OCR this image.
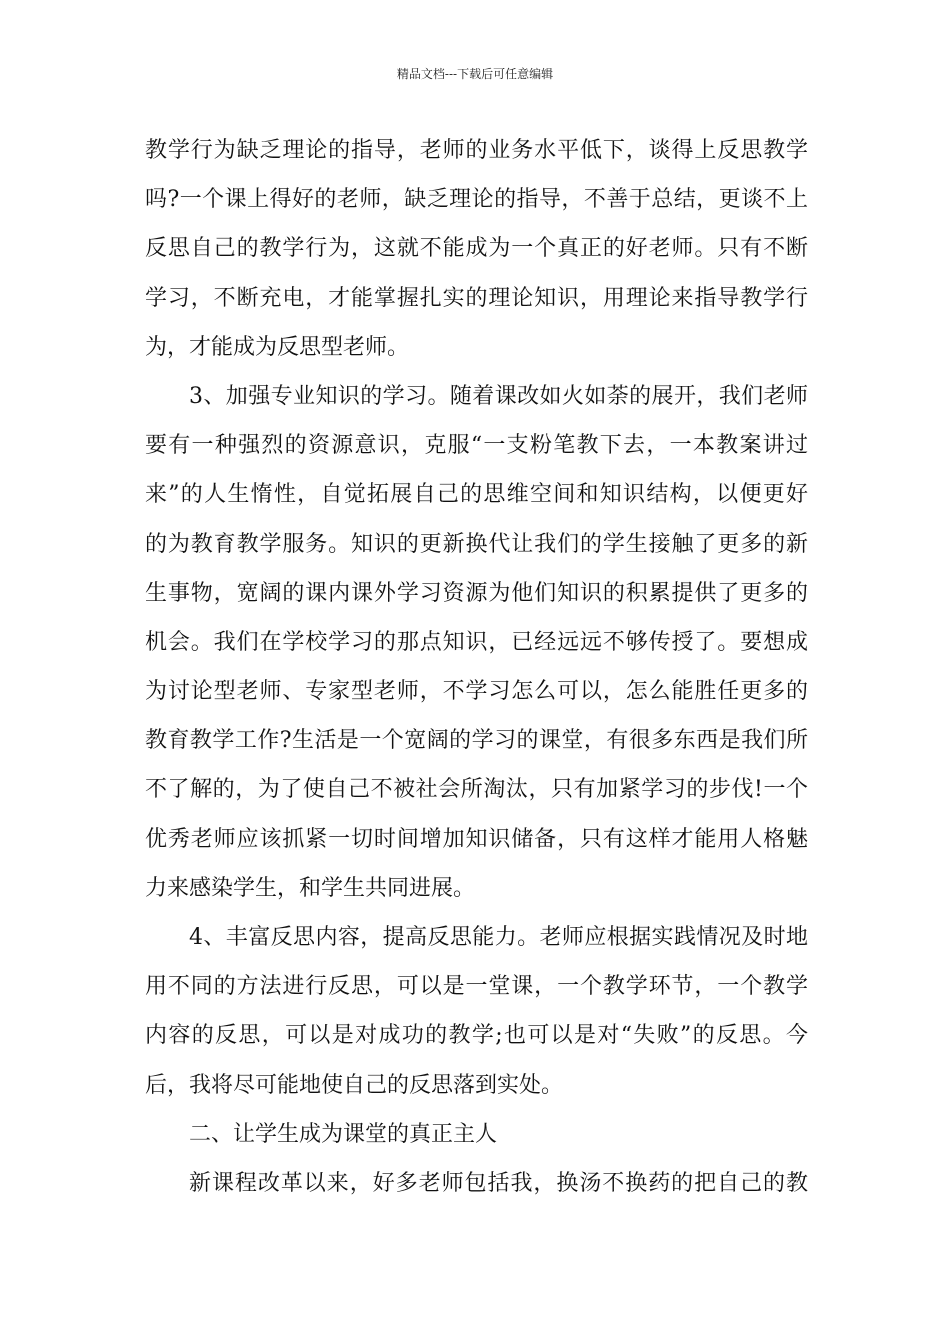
精品文档---下载后可任意编辑
教学行为缺乏理论的指导，老师的业务水平低下，谈得上反思教学
吗?一个课上得好的老师，缺乏理论的指导，不善于总结，更谈不上
反思自己的教学行为，这就不能成为一个真正的好老师。只有不断
学习，不断充电，才能掌握扎实的理论知识，用理论来指导教学行
为，才能成为反思型老师。
3、加强专业知识的学习。随着课改如火如荼的展开，我们老师
要有一种强烈的资源意识，克服“一支粉笔教下去，一本教案讲过
来”的人生惰性，自觉拓展自己的思维空间和知识结构，以便更好
的为教育教学服务。知识的更新换代让我们的学生接触了更多的新
生事物，宽阔的课内课外学习资源为他们知识的积累提供了更多的
机会。我们在学校学习的那点知识，已经远远不够传授了。要想成
为讨论型老师、专家型老师，不学习怎么可以，怎么能胜任更多的
教育教学工作?生活是一个宽阔的学习的课堂，有很多东西是我们所
不了解的，为了使自己不被社会所淘汰，只有加紧学习的步伐!一个
优秀老师应该抓紧一切时间增加知识储备，只有这样才能用人格魅
力来感染学生，和学生共同进展。
4、丰富反思内容，提高反思能力。老师应根据实践情况及时地
用不同的方法进行反思，可以是一堂课，一个教学环节，一个教学
内容的反思，可以是对成功的教学;也可以是对“失败”的反思。今
后，我将尽可能地使自己的反思落到实处。
二、让学生成为课堂的真正主人
新课程改革以来，好多老师包括我，换汤不换药的把自己的教
